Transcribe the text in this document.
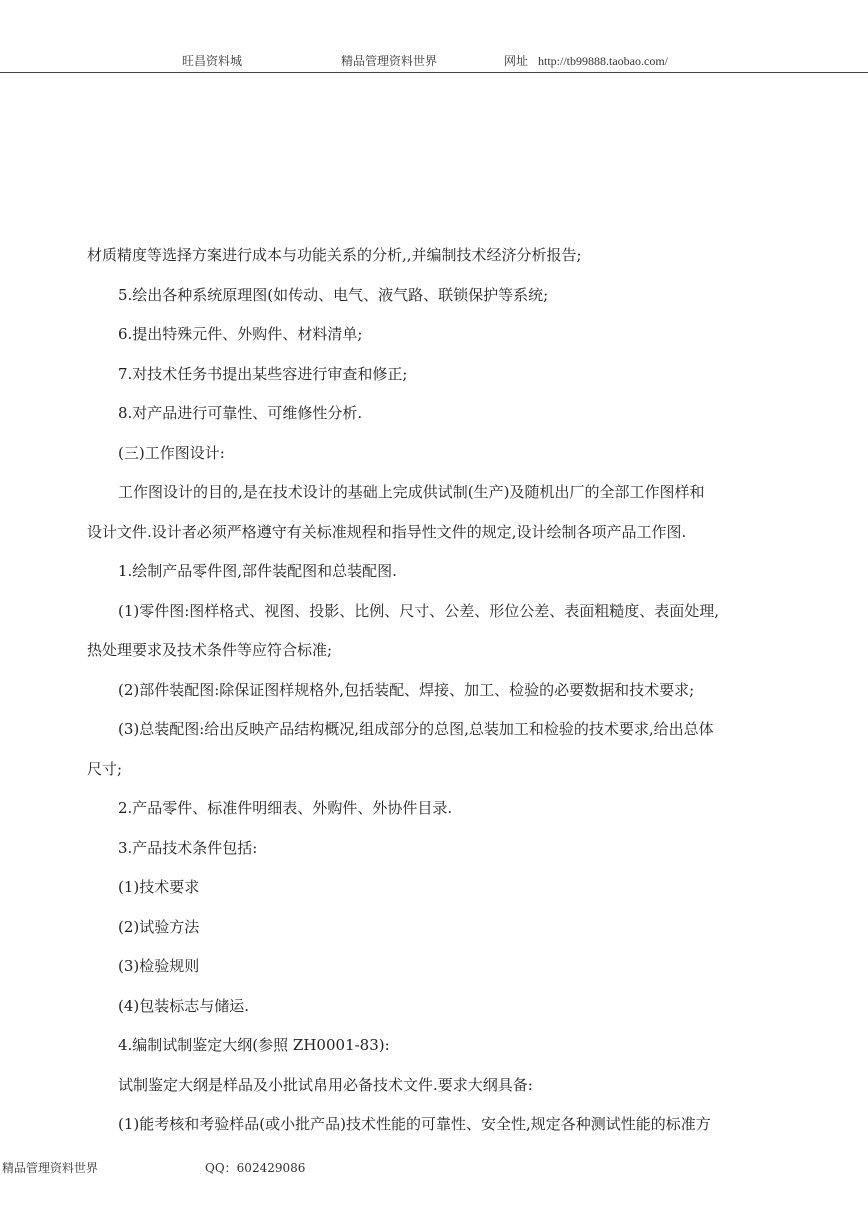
旺昌资料城	精品管理资料世界	网址 http://tb99888.taobao.com/

材质精度等选择方案进行成本与功能关系的分析,,并编制技术经济分析报告;

5.绘出各种系统原理图(如传动、电气、液气路、联锁保护等系统;

6.提出特殊元件、外购件、材料清单;

7.对技术任务书提出某些容进行审查和修正;

8.对产品进行可靠性、可维修性分析.

(三)工作图设计:

工作图设计的目的,是在技术设计的基础上完成供试制(生产)及随机出厂的全部工作图样和

设计文件.设计者必须严格遵守有关标准规程和指导性文件的规定,设计绘制各项产品工作图.

1.绘制产品零件图,部件装配图和总装配图.

(1)零件图:图样格式、视图、投影、比例、尺寸、公差、形位公差、表面粗糙度、表面处理,

热处理要求及技术条件等应符合标准;

(2)部件装配图:除保证图样规格外,包括装配、焊接、加工、检验的必要数据和技术要求;

(3)总装配图:给出反映产品结构概况,组成部分的总图,总装加工和检验的技术要求,给出总体

尺寸;

2.产品零件、标准件明细表、外购件、外协件目录.

3.产品技术条件包括:

(1)技术要求

(2)试验方法

(3)检验规则

(4)包装标志与储运.

4.编制试制鉴定大纲(参照 ZH0001-83):

试制鉴定大纲是样品及小批试帛用必备技术文件.要求大纲具备:

(1)能考核和考验样品(或小批产品)技术性能的可靠性、安全性,规定各种测试性能的标准方

精品管理资料世界	QQ：602429086
